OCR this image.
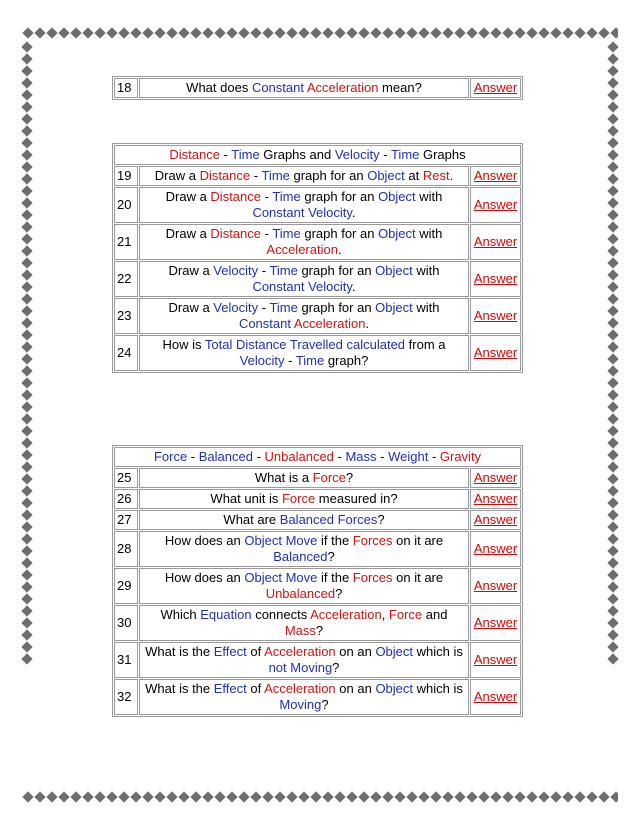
18	What does Constant Acceleration mean?	Answer
Distance - Time Graphs and Velocity - Time Graphs		
19	Draw a Distance - Time graph for an Object at Rest.	Answer
20	Draw a Distance - Time graph for an Object with Constant Velocity.	Answer
21	Draw a Distance - Time graph for an Object with Acceleration.	Answer
22	Draw a Velocity - Time graph for an Object with Constant Velocity.	Answer
23	Draw a Velocity - Time graph for an Object with Constant Acceleration.	Answer
24	How is Total Distance Travelled calculated from a Velocity - Time graph?	Answer
Force - Balanced - Unbalanced - Mass - Weight - Gravity		
25	What is a Force?	Answer
26	What unit is Force measured in?	Answer
27	What are Balanced Forces?	Answer
28	How does an Object Move if the Forces on it are Balanced?	Answer
29	How does an Object Move if the Forces on it are Unbalanced?	Answer
30	Which Equation connects Acceleration, Force and Mass?	Answer
31	What is the Effect of Acceleration on an Object which is not Moving?	Answer
32	What is the Effect of Acceleration on an Object which is Moving?	Answer
